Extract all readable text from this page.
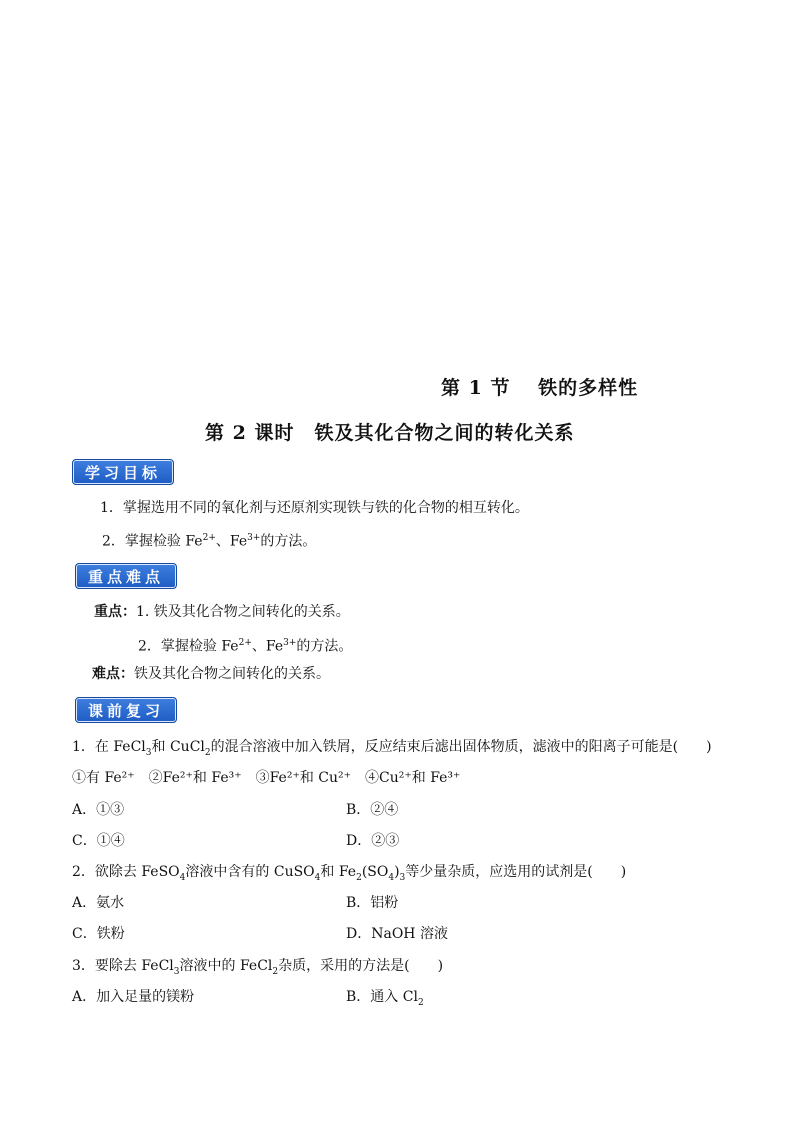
第 1 节　 铁的多样性
第 2 课时　铁及其化合物之间的转化关系
学习目标
1．掌握选用不同的氧化剂与还原剂实现铁与铁的化合物的相互转化。
2．掌握检验 $Fe^{2+}$、$Fe^{3+}$的方法。
重点难点
重点：1. 铁及其化合物之间转化的关系。
2．掌握检验 $Fe^{2+}$、$Fe^{3+}$的方法。
难点：铁及其化合物之间转化的关系。
课前复习
1．在 FeCl$_3$和 CuCl$_2$的混合溶液中加入铁屑，反应结束后滤出固体物质，滤液中的阳离子可能是(　　)
①有 Fe²⁺　②Fe²⁺和 Fe³⁺　③Fe²⁺和 Cu²⁺　④Cu²⁺和 Fe³⁺
A．①③	B．②④
C．①④	D．②③
2．欲除去 FeSO$_4$溶液中含有的 CuSO$_4$和 $Fe_2(SO_4)_3$等少量杂质，应选用的试剂是(　　)
A．氨水	B．铝粉
C．铁粉	D．NaOH 溶液
3．要除去 FeCl$_3$溶液中的 FeCl$_2$杂质，采用的方法是(　　)
A．加入足量的镁粉	B．通入 $Cl_2$
